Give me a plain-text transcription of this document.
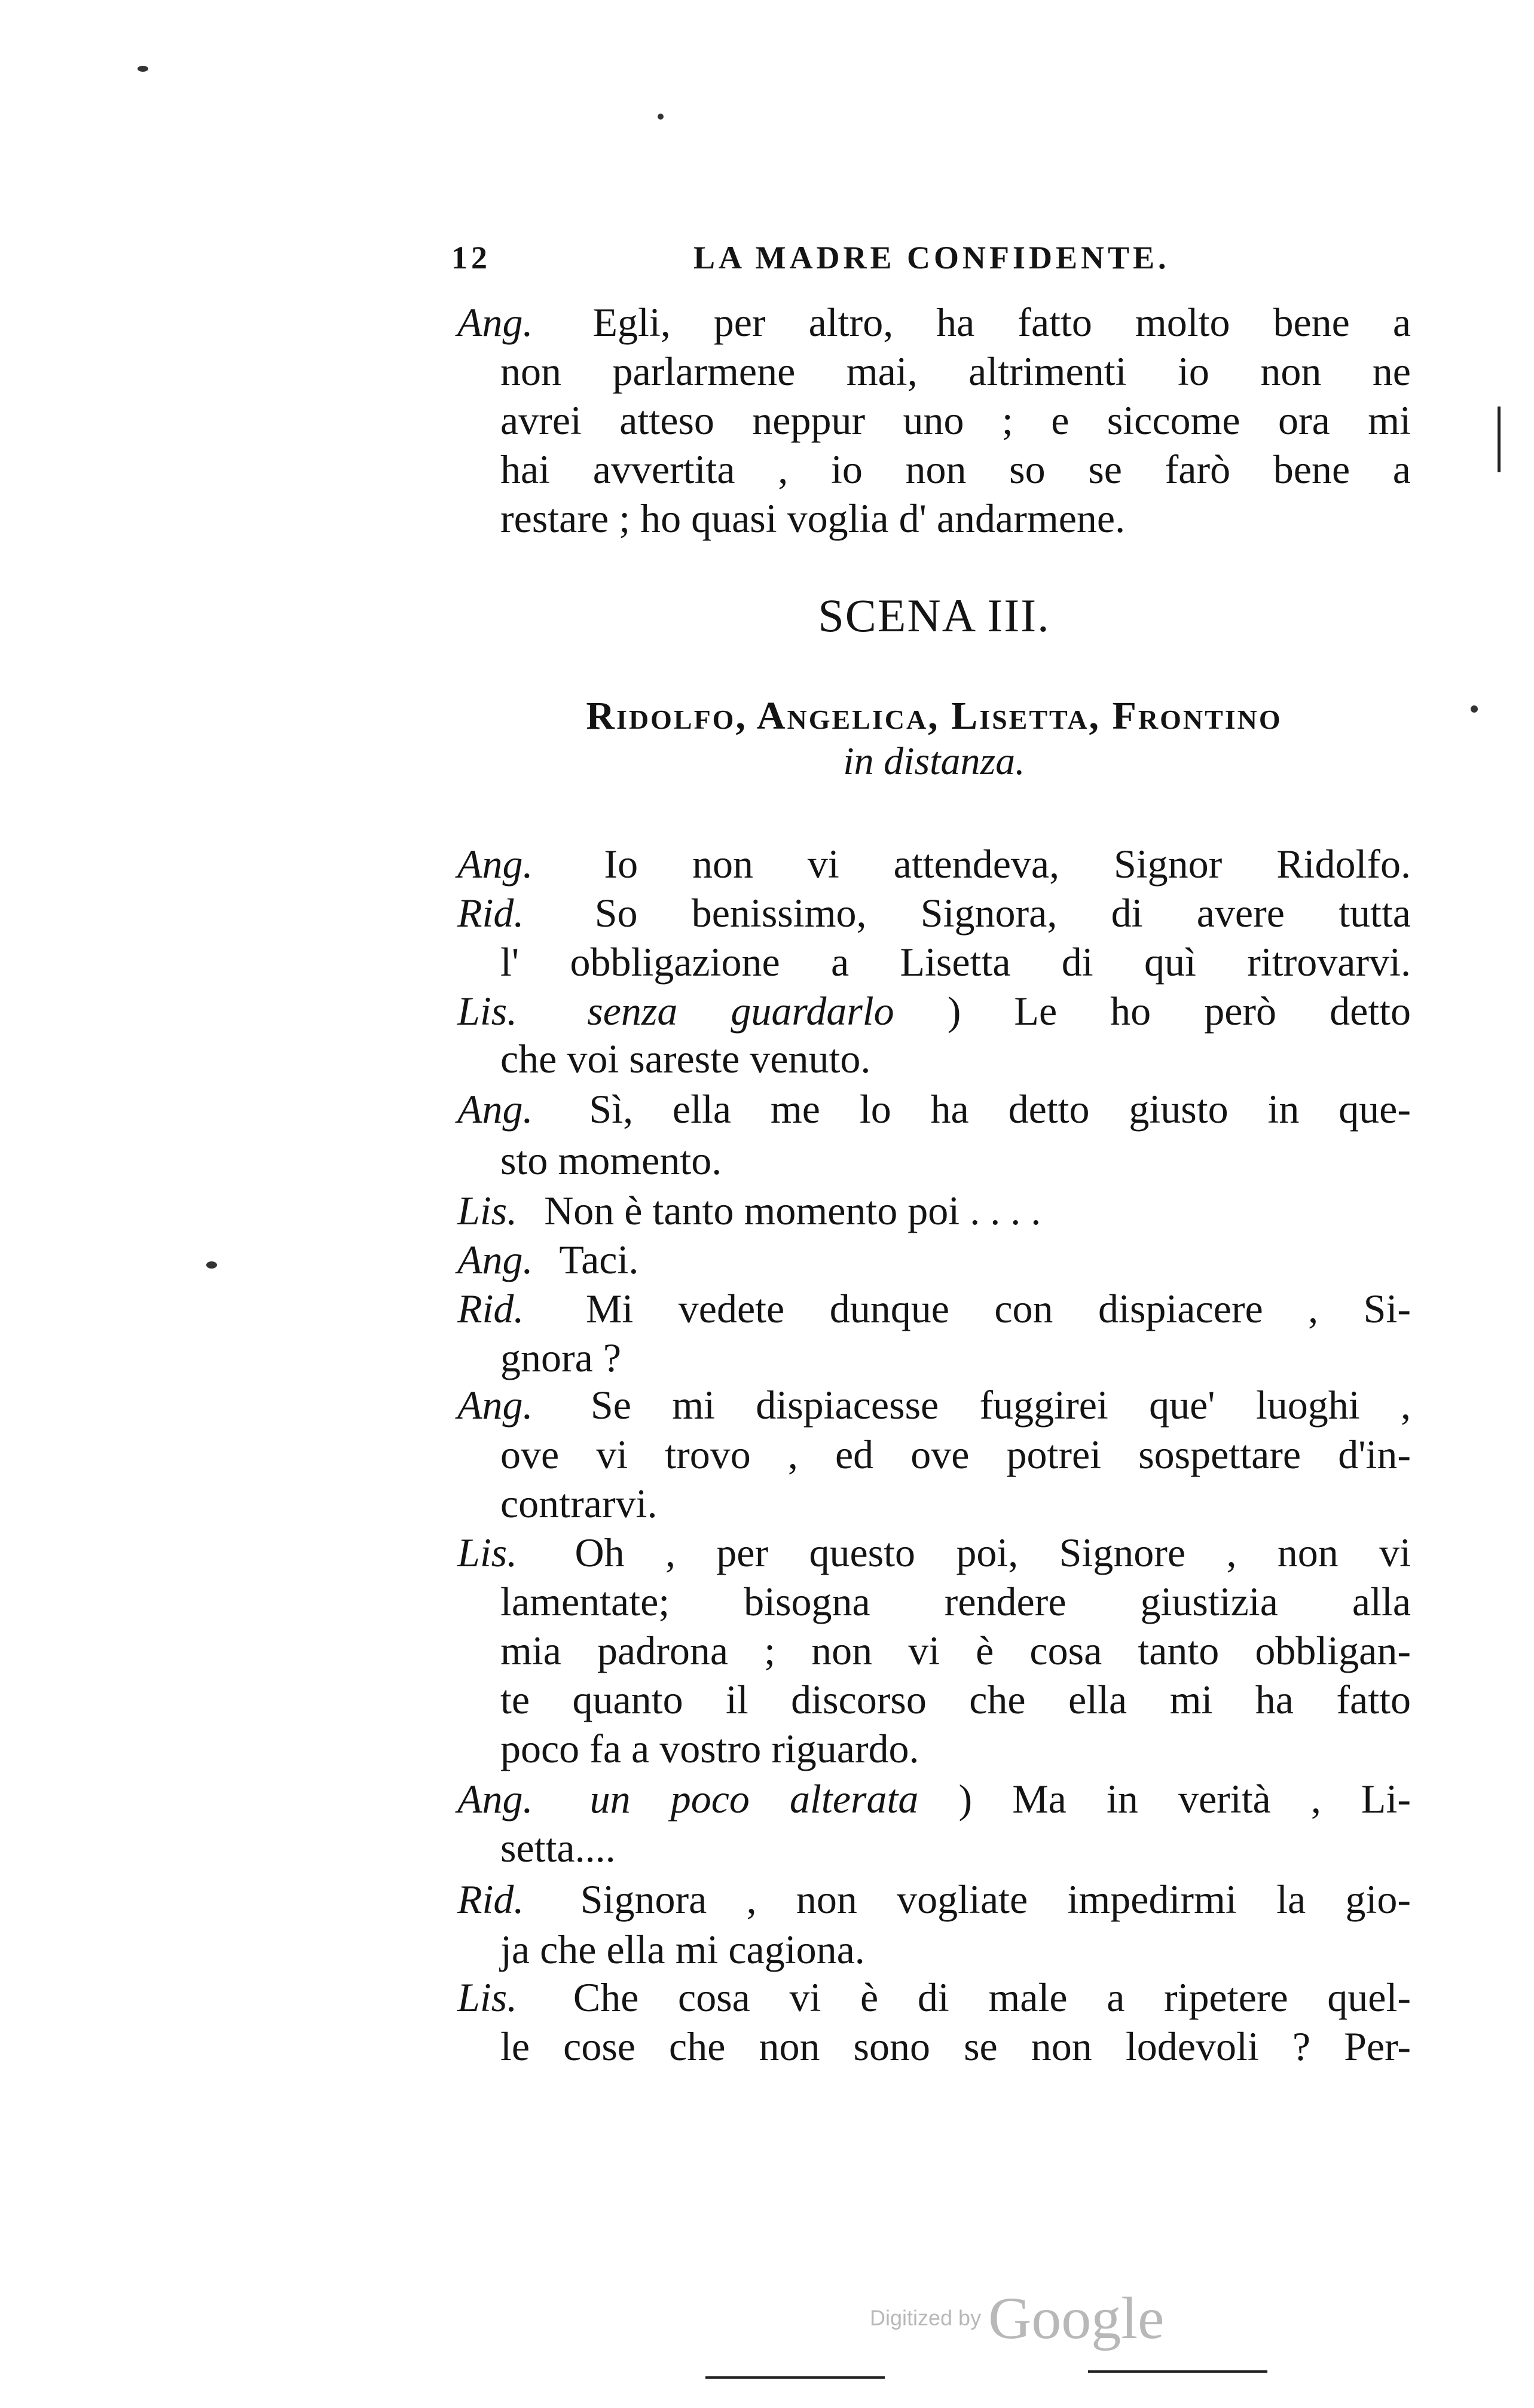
12	LA MADRE CONFIDENTE.
SCENA III.
Ridolfo, Angelica, Lisetta, Frontino
in distanza.
Ang. Egli, per altro, ha fatto molto bene a
non parlarmene mai, altrimenti io non ne
avrei atteso neppur uno ; e siccome ora mi
hai avvertita , io non so se farò bene a
restare ; ho quasi voglia d' andarmene.
Ang. Io non vi attendeva, Signor Ridolfo.
Rid. So benissimo, Signora, di avere tutta
l' obbligazione a Lisetta di quì ritrovarvi.
Lis. senza guardarlo ) Le ho però detto
che voi sareste venuto.
Ang. Sì, ella me lo ha detto giusto in que-
sto momento.
Lis. Non è tanto momento poi . . . .
Ang. Taci.
Rid. Mi vedete dunque con dispiacere , Si-
gnora ?
Ang. Se mi dispiacesse fuggirei que' luoghi ,
ove vi trovo , ed ove potrei sospettare d'in-
contrarvi.
Lis. Oh , per questo poi, Signore , non vi
lamentate; bisogna rendere giustizia alla
mia padrona ; non vi è cosa tanto obbligan-
te quanto il discorso che ella mi ha fatto
poco fa a vostro riguardo.
Ang. un poco alterata ) Ma in verità , Li-
setta....
Rid. Signora , non vogliate impedirmi la gio-
ja che ella mi cagiona.
Lis. Che cosa vi è di male a ripetere quel-
le cose che non sono se non lodevoli ? Per-
Digitized by Google
